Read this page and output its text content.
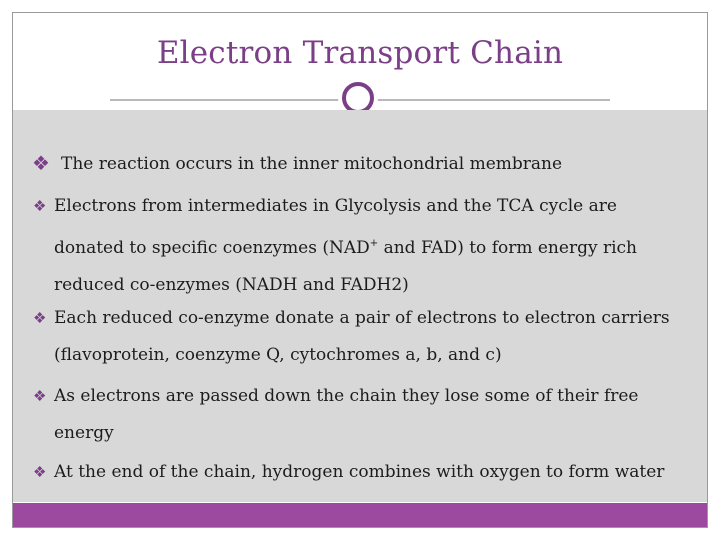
Electron Transport Chain
❖ The reaction occurs in the inner mitochondrial membrane
❖ Electrons from intermediates in Glycolysis and the TCA cycle are
donated to specific coenzymes (NAD+ and FAD) to form energy rich
reduced co-enzymes (NADH and FADH2)
❖ Each reduced co-enzyme donate a pair of electrons to electron carriers
(flavoprotein, coenzyme Q, cytochromes a, b, and c)
❖ As electrons are passed down the chain they lose some of their free
energy
❖ At the end of the chain, hydrogen combines with oxygen to form water
